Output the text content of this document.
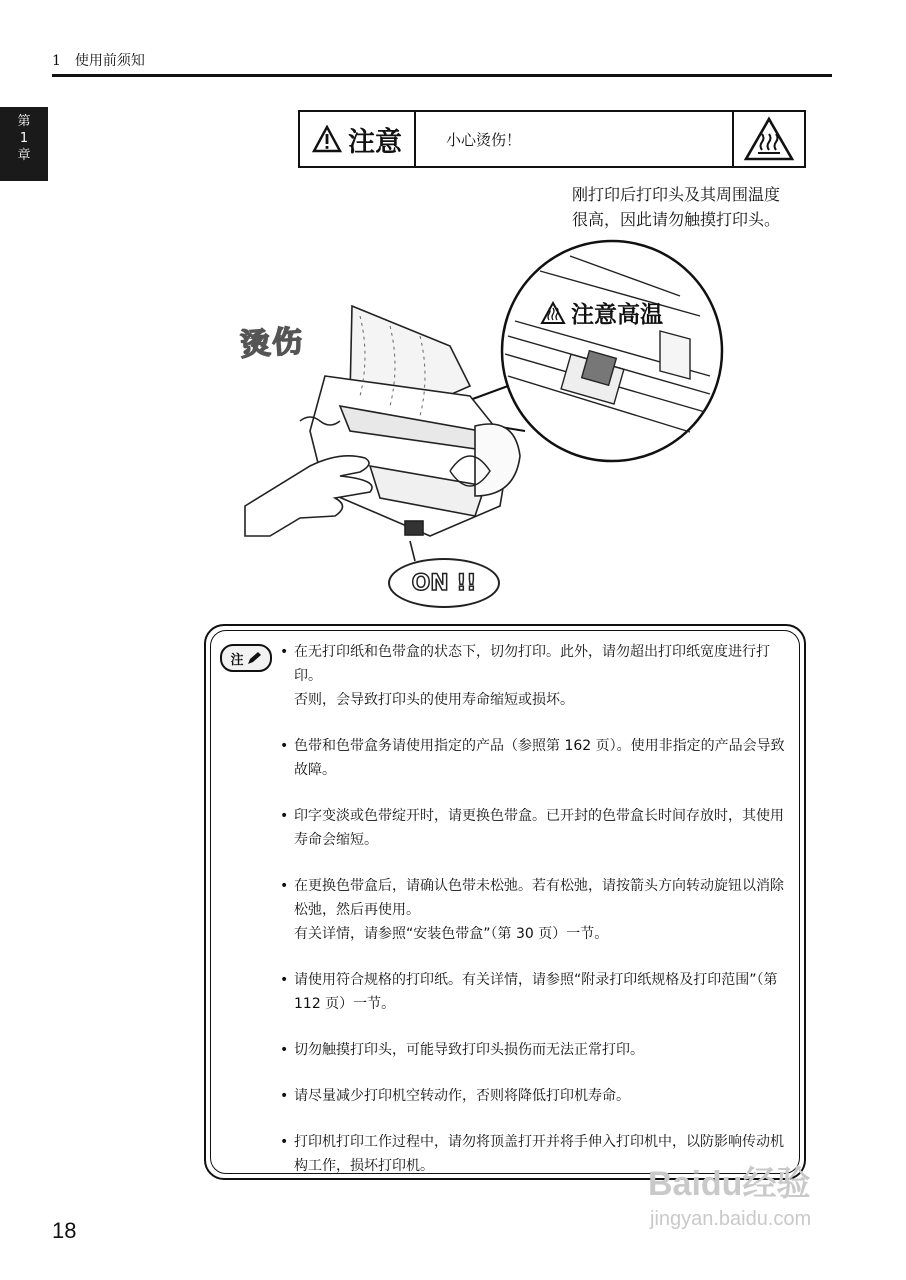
1　使用前须知
第
1
章	注意	小心烫伤！
刚打印后打印头及其周围温度
很高，因此请勿触摸打印头。
烫伤
注意高温
ON !!
注	• 在无打印纸和色带盒的状态下，切勿打印。此外，请勿超出打印纸宽度进行打印。

否则，会导致打印头的使用寿命缩短或损坏。

• 色带和色带盒务请使用指定的产品（参照第 162 页）。使用非指定的产品会导致故障。

• 印字变淡或色带绽开时，请更换色带盒。已开封的色带盒长时间存放时，其使用寿命会缩短。

• 在更换色带盒后，请确认色带未松弛。若有松弛，请按箭头方向转动旋钮以消除松弛，然后再使用。

有关详情，请参照“安装色带盒”（第 30 页）一节。

• 请使用符合规格的打印纸。有关详情，请参照“附录打印纸规格及打印范围”（第 112 页）一节。

• 切勿触摸打印头，可能导致打印头损伤而无法正常打印。

• 请尽量减少打印机空转动作，否则将降低打印机寿命。

• 打印机打印工作过程中，请勿将顶盖打开并将手伸入打印机中，以防影响传动机构工作，损坏打印机。

18
Baidu经验
jingyan.baidu.com
